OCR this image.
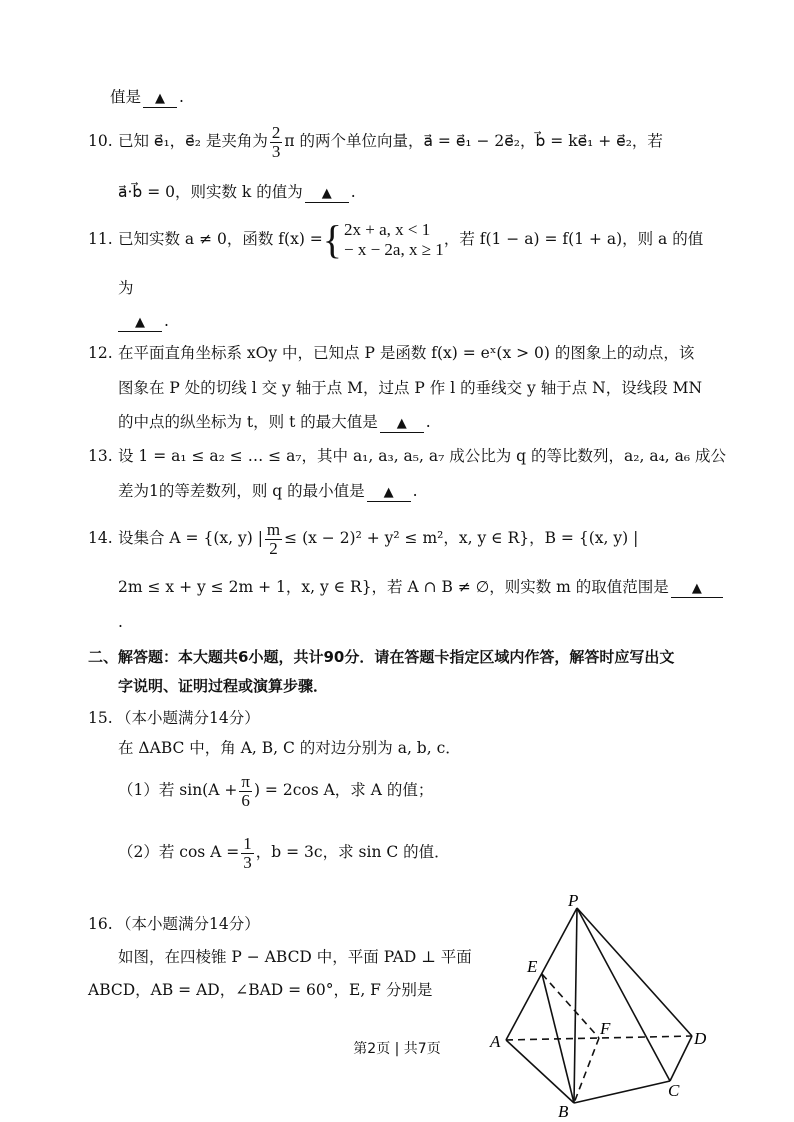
值是 ▲ .
10. 已知 e⃗₁，e⃗₂ 是夹角为 $\frac{2}{3}$ π 的两个单位向量，a⃗ = e⃗₁ − 2e⃗₂，b⃗ = ke⃗₁ + e⃗₂，若
a⃗·b⃗ = 0，则实数 k 的值为 ▲ .
11. 已知实数 a ≠ 0，函数 f(x) = { 2x + a, x < 1
− x − 2a, x ≥ 1
，若 f(1 − a) = f(1 + a)，则 a 的值
为
▲ .
12. 在平面直角坐标系 xOy 中，已知点 P 是函数 f(x) = eˣ(x > 0) 的图象上的动点，该
图象在 P 处的切线 l 交 y 轴于点 M，过点 P 作 l 的垂线交 y 轴于点 N，设线段 MN
的中点的纵坐标为 t，则 t 的最大值是 ▲ .
13. 设 1 = a₁ ≤ a₂ ≤ … ≤ a₇，其中 a₁, a₃, a₅, a₇ 成公比为 q 的等比数列，a₂, a₄, a₆ 成公
差为1的等差数列，则 q 的最小值是 ▲ .
14. 设集合 A = {(x, y) | $\frac{m}{2} \le (x - 2)^2 + y^2 \le m^2$，x, y ∈ R}，B = {(x, y) |
2m ≤ x + y ≤ 2m + 1，x, y ∈ R}，若 A ∩ B ≠ ∅，则实数 m 的取值范围是 ▲
.
二、解答题：本大题共6小题，共计90分．请在答题卡指定区域内作答，解答时应写出文
字说明、证明过程或演算步骤．
15. （本小题满分14分）
在 ΔABC 中，角 A, B, C 的对边分别为 a, b, c．
（1）若 $\sin(A + \frac{\pi}{6}$ ) = 2cos A，求 A 的值；
（2）若 $\cos A = \frac{1}{3}$ ，b = 3c，求 sin C 的值．
16. （本小题满分14分）
如图，在四棱锥 P − ABCD 中，平面 PAD ⊥ 平面
ABCD，AB = AD，∠BAD = 60°，E, F 分别是
P
E
A
F
D
C
B
第2页 | 共7页
